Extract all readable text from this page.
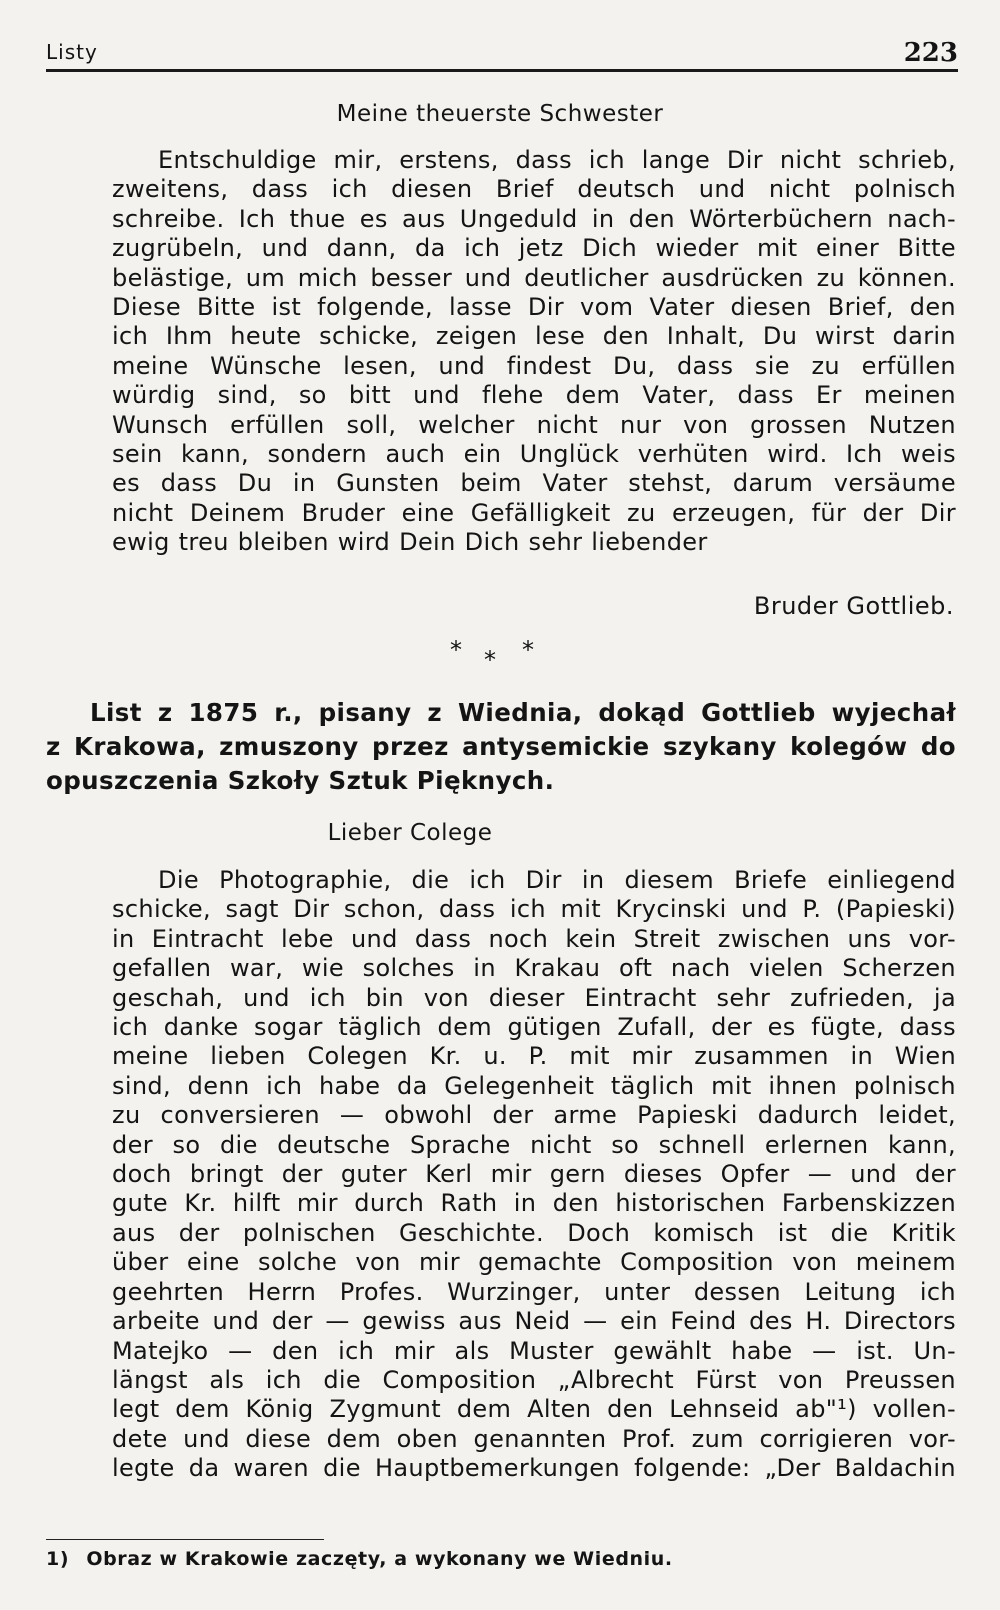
Listy	223
Meine theuerste Schwester
Entschuldige mir, erstens, dass ich lange Dir nicht schrieb,
zweitens, dass ich diesen Brief deutsch und nicht polnisch
schreibe. Ich thue es aus Ungeduld in den Wörterbüchern nach-
zugrübeln, und dann, da ich jetz Dich wieder mit einer Bitte
belästige, um mich besser und deutlicher ausdrücken zu können.
Diese Bitte ist folgende, lasse Dir vom Vater diesen Brief, den
ich Ihm heute schicke, zeigen lese den Inhalt, Du wirst darin
meine Wünsche lesen, und findest Du, dass sie zu erfüllen
würdig sind, so bitt und flehe dem Vater, dass Er meinen
Wunsch erfüllen soll, welcher nicht nur von grossen Nutzen
sein kann, sondern auch ein Unglück verhüten wird. Ich weis
es dass Du in Gunsten beim Vater stehst, darum versäume
nicht Deinem Bruder eine Gefälligkeit zu erzeugen, für der Dir
ewig treu bleiben wird Dein Dich sehr liebender
Bruder Gottlieb.
* * *
List z 1875 r., pisany z Wiednia, dokąd Gottlieb wyjechał
z Krakowa, zmuszony przez antysemickie szykany kolegów do
opuszczenia Szkoły Sztuk Pięknych.
Lieber Colege
Die Photographie, die ich Dir in diesem Briefe einliegend
schicke, sagt Dir schon, dass ich mit Krycinski und P. (Papieski)
in Eintracht lebe und dass noch kein Streit zwischen uns vor-
gefallen war, wie solches in Krakau oft nach vielen Scherzen
geschah, und ich bin von dieser Eintracht sehr zufrieden, ja
ich danke sogar täglich dem gütigen Zufall, der es fügte, dass
meine lieben Colegen Kr. u. P. mit mir zusammen in Wien
sind, denn ich habe da Gelegenheit täglich mit ihnen polnisch
zu conversieren — obwohl der arme Papieski dadurch leidet,
der so die deutsche Sprache nicht so schnell erlernen kann,
doch bringt der guter Kerl mir gern dieses Opfer — und der
gute Kr. hilft mir durch Rath in den historischen Farbenskizzen
aus der polnischen Geschichte. Doch komisch ist die Kritik
über eine solche von mir gemachte Composition von meinem
geehrten Herrn Profes. Wurzinger, unter dessen Leitung ich
arbeite und der — gewiss aus Neid — ein Feind des H. Directors
Matejko — den ich mir als Muster gewählt habe — ist. Un-
längst als ich die Composition „Albrecht Fürst von Preussen
legt dem König Zygmunt dem Alten den Lehnseid ab"¹) vollen-
dete und diese dem oben genannten Prof. zum corrigieren vor-
legte da waren die Hauptbemerkungen folgende: „Der Baldachin
1) Obraz w Krakowie zaczęty, a wykonany we Wiedniu.
